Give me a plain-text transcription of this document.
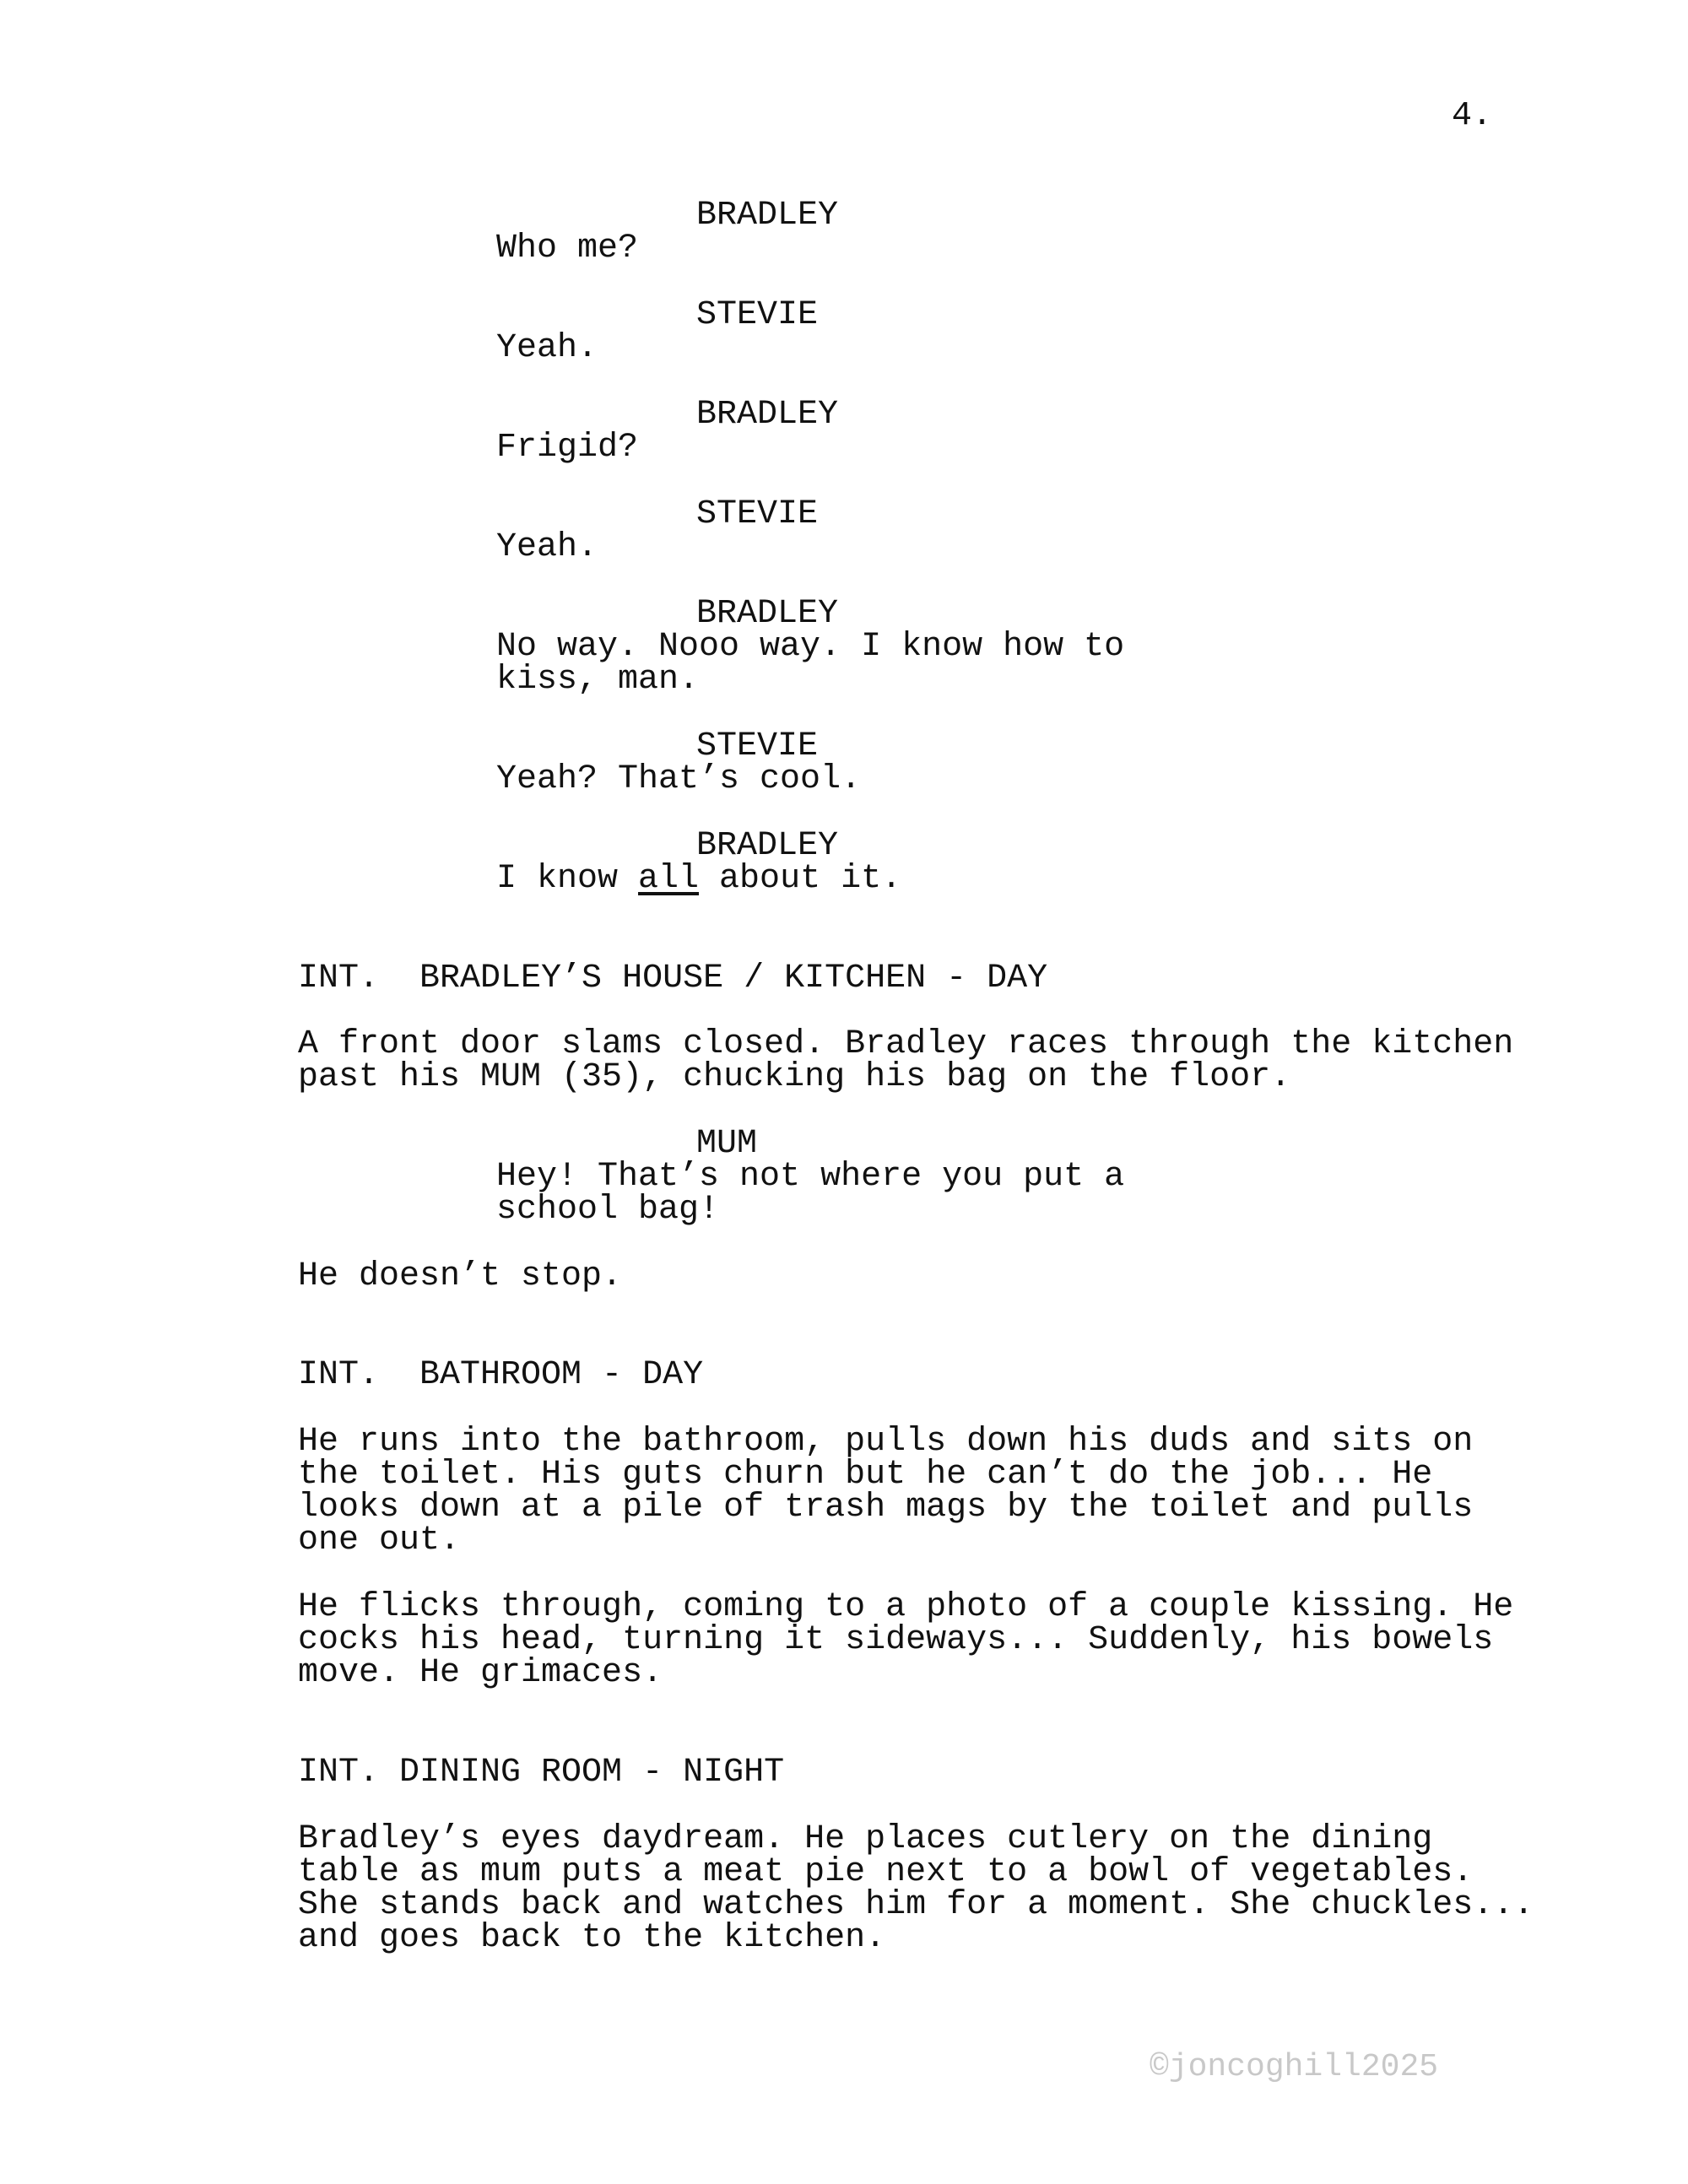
4.
BRADLEY
Who me?
STEVIE
Yeah.
BRADLEY
Frigid?
STEVIE
Yeah.
BRADLEY
No way. Nooo way. I know how to
kiss, man.
STEVIE
Yeah? That’s cool.
BRADLEY
I know all about it.
INT.  BRADLEY’S HOUSE / KITCHEN - DAY
A front door slams closed. Bradley races through the kitchen
past his MUM (35), chucking his bag on the floor.
MUM
Hey! That’s not where you put a
school bag!
He doesn’t stop.
INT.  BATHROOM - DAY
He runs into the bathroom, pulls down his duds and sits on
the toilet. His guts churn but he can’t do the job... He
looks down at a pile of trash mags by the toilet and pulls
one out.
He flicks through, coming to a photo of a couple kissing. He
cocks his head, turning it sideways... Suddenly, his bowels
move. He grimaces.
INT. DINING ROOM - NIGHT
Bradley’s eyes daydream. He places cutlery on the dining
table as mum puts a meat pie next to a bowl of vegetables.
She stands back and watches him for a moment. She chuckles...
and goes back to the kitchen.
©joncoghill2025
